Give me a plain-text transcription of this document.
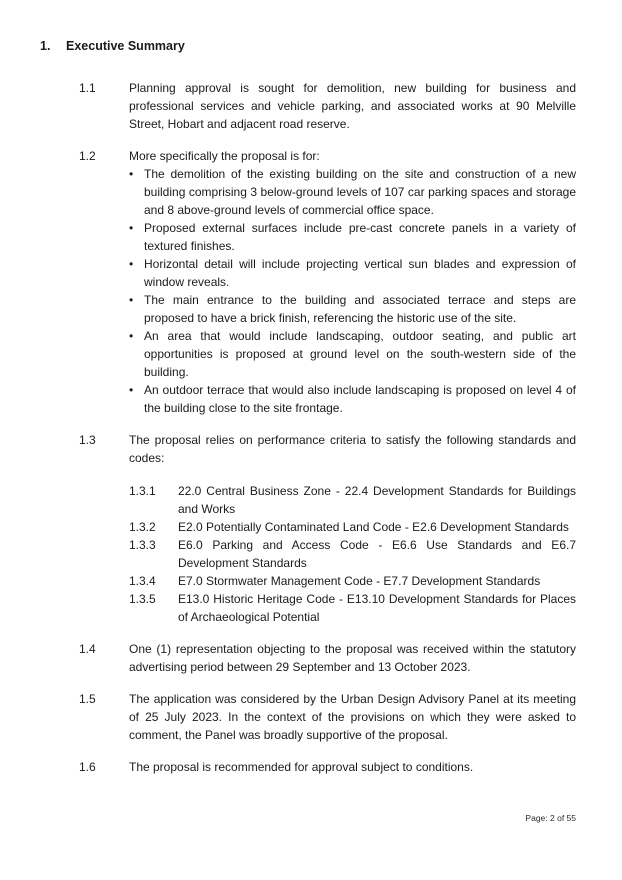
1.	Executive Summary
1.1	Planning approval is sought for demolition, new building for business and professional services and vehicle parking, and associated works at 90 Melville Street, Hobart and adjacent road reserve.
1.2	More specifically the proposal is for:
•
The demolition of the existing building on the site and construction of a new building comprising 3 below-ground levels of 107 car parking spaces and storage and 8 above-ground levels of commercial office space.
•
Proposed external surfaces include pre-cast concrete panels in a variety of textured finishes.
•
Horizontal detail will include projecting vertical sun blades and expression of window reveals.
•
The main entrance to the building and associated terrace and steps are proposed to have a brick finish, referencing the historic use of the site.
•
An area that would include landscaping, outdoor seating, and public art opportunities is proposed at ground level on the south-western side of the building.
•
An outdoor terrace that would also include landscaping is proposed on level 4 of the building close to the site frontage.
1.3	The proposal relies on performance criteria to satisfy the following standards and codes:
1.3.1	22.0 Central Business Zone - 22.4 Development Standards for Buildings and Works
1.3.2	E2.0 Potentially Contaminated Land Code - E2.6 Development Standards
1.3.3	E6.0 Parking and Access Code - E6.6 Use Standards and E6.7 Development Standards
1.3.4	E7.0 Stormwater Management Code - E7.7 Development Standards
1.3.5	E13.0 Historic Heritage Code - E13.10 Development Standards for Places of Archaeological Potential
1.4	One (1) representation objecting to the proposal was received within the statutory advertising period between 29 September and 13 October 2023.
1.5	The application was considered by the Urban Design Advisory Panel at its meeting of 25 July 2023. In the context of the provisions on which they were asked to comment, the Panel was broadly supportive of the proposal.
1.6	The proposal is recommended for approval subject to conditions.
Page: 2 of 55
